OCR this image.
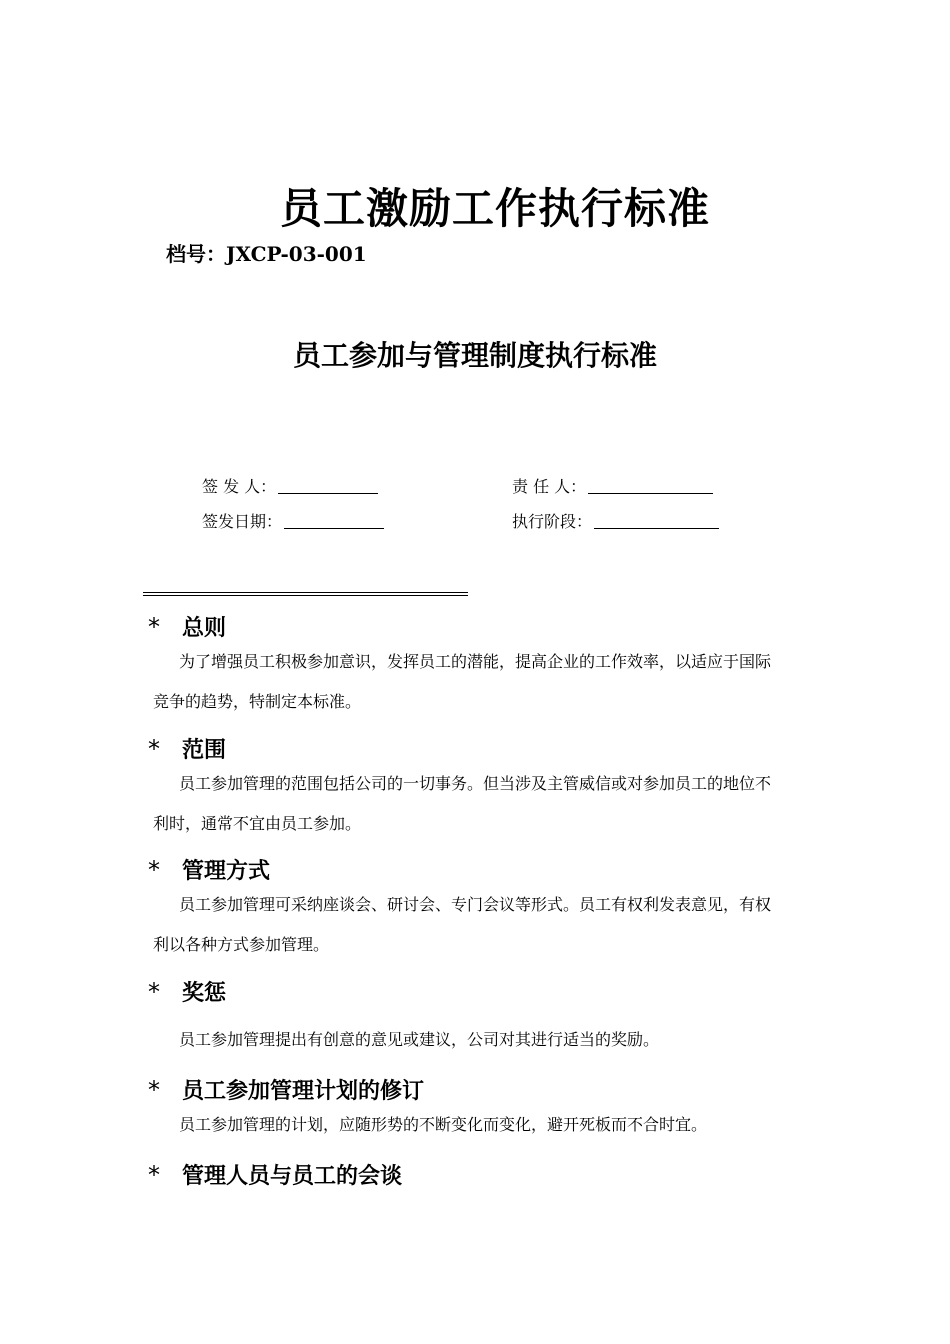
员工激励工作执行标准
档号：JXCP-03-001
员工参加与管理制度执行标准
签 发 人：	责 任 人：
签发日期：	执行阶段：
* 总则
为了增强员工积极参加意识，发挥员工的潜能，提高企业的工作效率，以适应于国际
竞争的趋势，特制定本标准。
* 范围
员工参加管理的范围包括公司的一切事务。但当涉及主管威信或对参加员工的地位不
利时，通常不宜由员工参加。
* 管理方式
员工参加管理可采纳座谈会、研讨会、专门会议等形式。员工有权利发表意见，有权
利以各种方式参加管理。
* 奖惩
员工参加管理提出有创意的意见或建议，公司对其进行适当的奖励。
* 员工参加管理计划的修订
员工参加管理的计划，应随形势的不断变化而变化，避开死板而不合时宜。
* 管理人员与员工的会谈
